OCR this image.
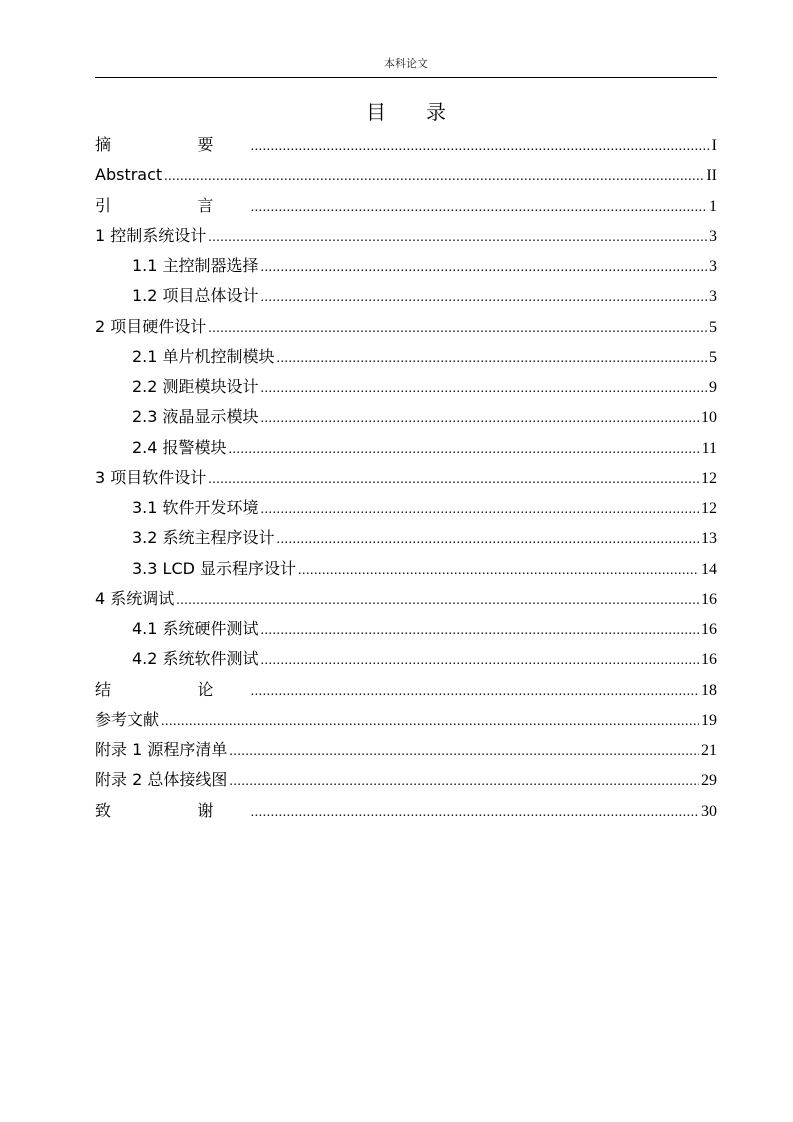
本科论文
目录
摘　要 .....	I
Abstract .....	II
引　言 .....	1
1 控制系统设计 .....	3
1.1 主控制器选择 .....	3
1.2 项目总体设计 .....	3
2 项目硬件设计 .....	5
2.1 单片机控制模块 .....	5
2.2 测距模块设计 .....	9
2.3 液晶显示模块 .....	10
2.4 报警模块 .....	11
3 项目软件设计 .....	12
3.1 软件开发环境 .....	12
3.2 系统主程序设计 .....	13
3.3 LCD 显示程序设计 .....	14
4 系统调试 .....	16
4.1 系统硬件测试 .....	16
4.2 系统软件测试 .....	16
结　论 .....	18
参考文献 .....	19
附录 1 源程序清单 .....	21
附录 2 总体接线图 .....	29
致　谢 .....	30
